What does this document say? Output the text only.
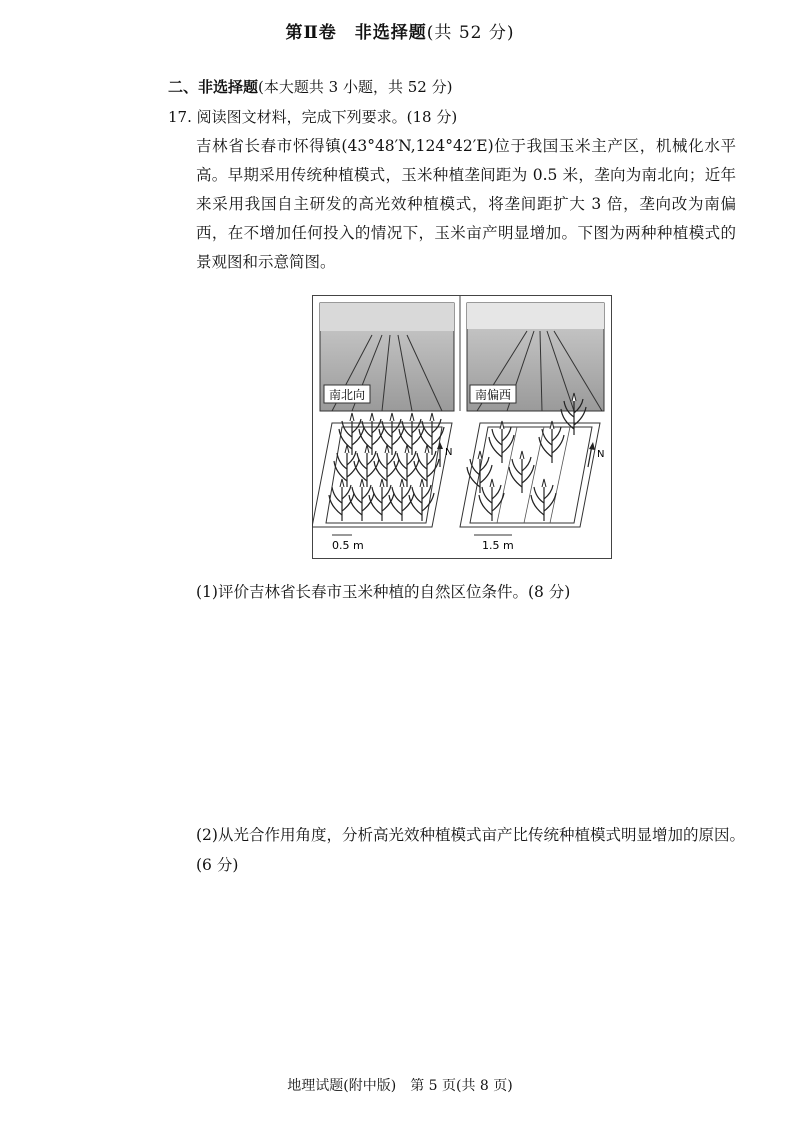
第Ⅱ卷　非选择题(共 52 分)
二、非选择题(本大题共 3 小题，共 52 分)
17. 阅读图文材料，完成下列要求。(18 分)
吉林省长春市怀得镇(43°48′N,124°42′E)位于我国玉米主产区，机械化水平高。早期采用传统种植模式，玉米种植垄间距为 0.5 米，垄向为南北向；近年来采用我国自主研发的高光效种植模式，将垄间距扩大 3 倍，垄向改为南偏西，在不增加任何投入的情况下，玉米亩产明显增加。下图为两种种植模式的景观图和示意简图。
南北向	南偏西
N
0.5 m
N
1.5 m
(1)评价吉林省长春市玉米种植的自然区位条件。(8 分)
(2)从光合作用角度，分析高光效种植模式亩产比传统种植模式明显增加的原因。(6 分)
地理试题(附中版)　第 5 页(共 8 页)
